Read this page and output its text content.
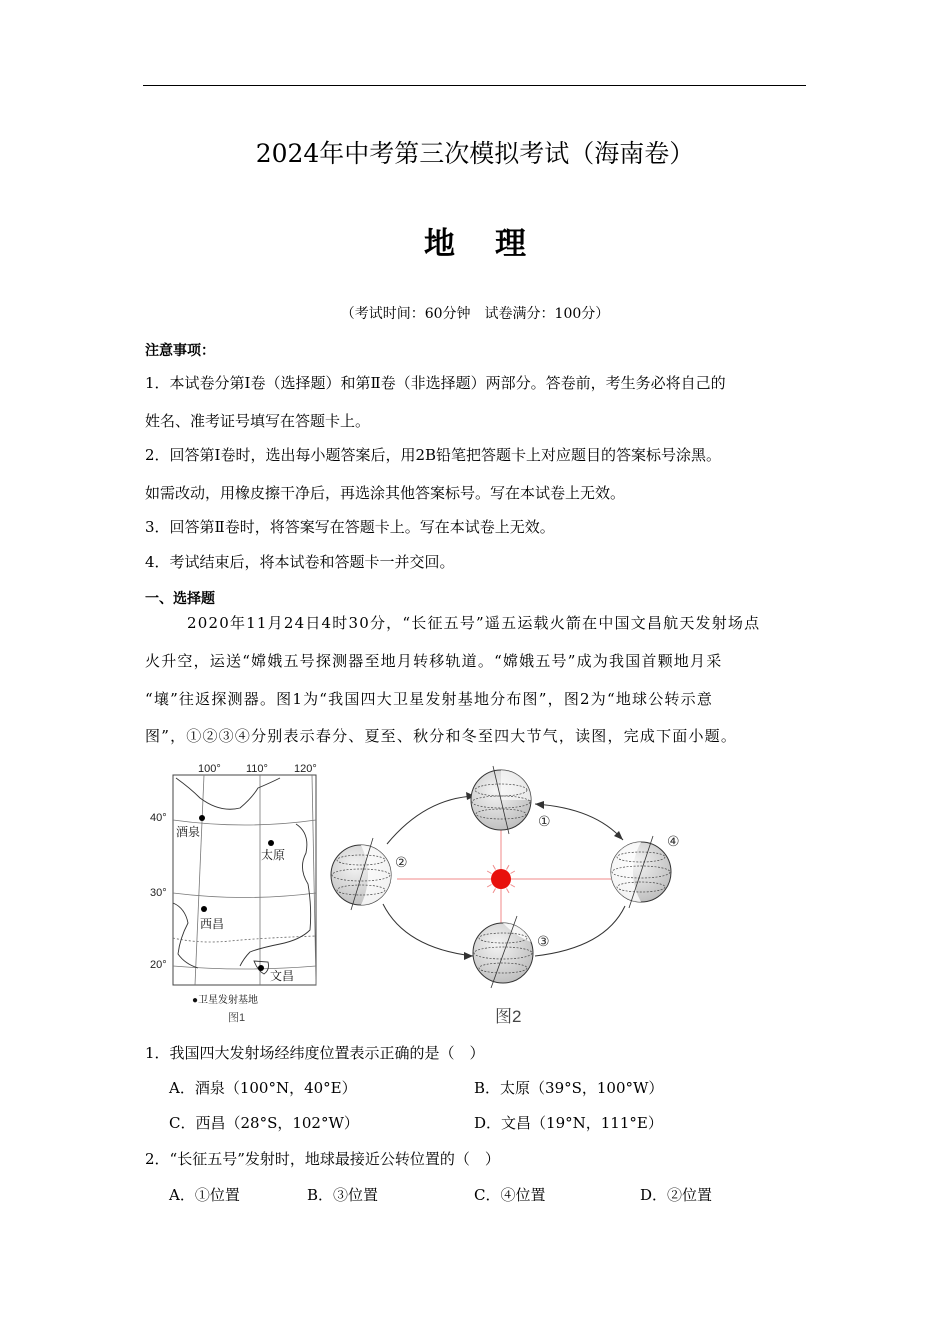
2024年中考第三次模拟考试（海南卷）
地理
（考试时间：60分钟　试卷满分：100分）
注意事项：
1．本试卷分第Ⅰ卷（选择题）和第Ⅱ卷（非选择题）两部分。答卷前，考生务必将自己的
姓名、准考证号填写在答题卡上。
2．回答第Ⅰ卷时，选出每小题答案后，用2B铅笔把答题卡上对应题目的答案标号涂黑。
如需改动，用橡皮擦干净后，再选涂其他答案标号。写在本试卷上无效。
3．回答第Ⅱ卷时，将答案写在答题卡上。写在本试卷上无效。
4．考试结束后，将本试卷和答题卡一并交回。
一、选择题
2020年11月24日4时30分，“长征五号”遥五运载火箭在中国文昌航天发射场点
火升空，运送“嫦娥五号探测器至地月转移轨道。“嫦娥五号”成为我国首颗地月采
“壤”往返探测器。图1为“我国四大卫星发射基地分布图”，图2为“地球公转示意
图”，①②③④分别表示春分、夏至、秋分和冬至四大节气，读图，完成下面小题。
100° 110° 120°
40°
30°
20°
酒泉
太原
西昌
文昌
●卫星发射基地
图1
①
②
③
④
图2
1．我国四大发射场经纬度位置表示正确的是（　）
A．酒泉（100°N，40°E）	B．太原（39°S，100°W）
C．西昌（28°S，102°W）	D．文昌（19°N，111°E）
2．“长征五号”发射时，地球最接近公转位置的（　）
A．①位置	B．③位置	C．④位置	D．②位置
